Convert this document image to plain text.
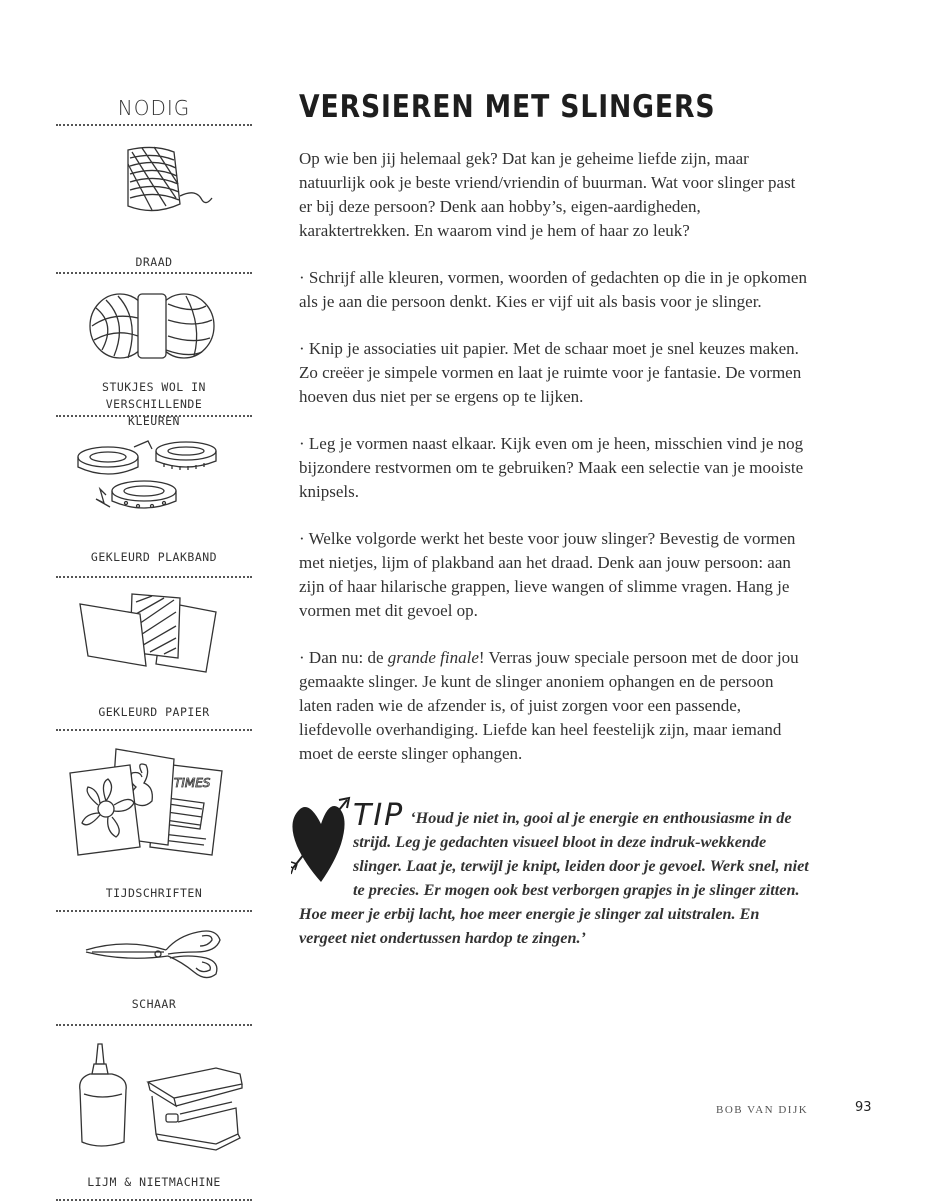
NODIG
DRAAD
STUKJES WOL IN VERSCHILLENDE KLEUREN
GEKLEURD PLAKBAND
GEKLEURD PAPIER
TIMES
TIJDSCHRIFTEN
SCHAAR
LIJM & NIETMACHINE
VERSIEREN MET SLINGERS

Op wie ben jij helemaal gek? Dat kan je geheime liefde zijn, maar natuurlijk ook je beste vriend/vriendin of buurman. Wat voor slinger past er bij deze persoon? Denk aan hobby’s, eigen-aardigheden, karaktertrekken. En waarom vind je hem of haar zo leuk?

· Schrijf alle kleuren, vormen, woorden of gedachten op die in je opkomen als je aan die persoon denkt. Kies er vijf uit als basis voor je slinger.

· Knip je associaties uit papier. Met de schaar moet je snel keuzes maken. Zo creëer je simpele vormen en laat je ruimte voor je fantasie. De vormen hoeven dus niet per se ergens op te lijken.

· Leg je vormen naast elkaar. Kijk even om je heen, misschien vind je nog bijzondere restvormen om te gebruiken? Maak een selectie van je mooiste knipsels.

· Welke volgorde werkt het beste voor jouw slinger? Bevestig de vormen met nietjes, lijm of plakband aan het draad. Denk aan jouw persoon: aan zijn of haar hilarische grappen, lieve wangen of slimme vragen. Hang je vormen met dit gevoel op.

· Dan nu: de grande finale! Verras jouw speciale persoon met de door jou gemaakte slinger. Je kunt de slinger anoniem ophangen en de persoon laten raden wie de afzender is, of juist zorgen voor een passende, liefdevolle overhandiging. Liefde kan heel feestelijk zijn, maar iemand moet de eerste slinger ophangen.

TIP ‘Houd je niet in, gooi al je energie en enthousiasme in de strijd. Leg je gedachten visueel bloot in deze indruk-wekkende slinger. Laat je, terwijl je knipt, leiden door je gevoel. Werk snel, niet te precies. Er mogen ook best verborgen grapjes in je slinger zitten. Hoe meer je erbij lacht, hoe meer energie je slinger zal uitstralen. En vergeet niet ondertussen hardop te zingen.’

BOB VAN DIJK	93
